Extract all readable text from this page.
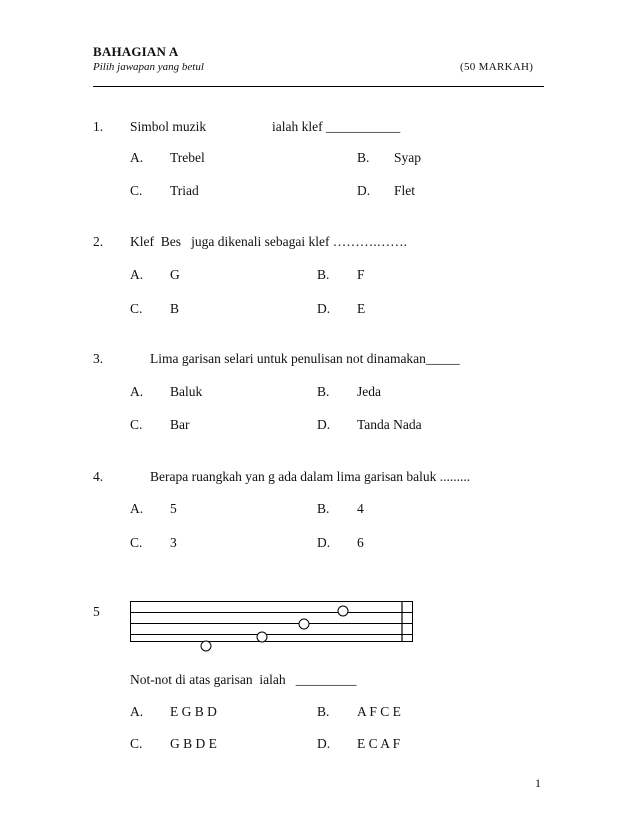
BAHAGIAN A
Pilih jawapan yang betul	(50 MARKAH)
1. Simbol muzik	ialah klef ___________
A. Trebel	B. Syap
C. Triad	D. Flet
2. Klef  Bes   juga dikenali sebagai klef ……….…….
A. G	B. F
C. B	D. E
3.	Lima garisan selari untuk penulisan not dinamakan_____
A. Baluk	B. Jeda
C. Bar	D. Tanda Nada
4.	Berapa ruangkah yan g ada dalam lima garisan baluk .........
A. 5	B. 4
C. 3	D. 6
5
Not-not di atas garisan  ialah   _________
A. E G B D	B. A F C E
C. G B D E	D. E C A F
1
